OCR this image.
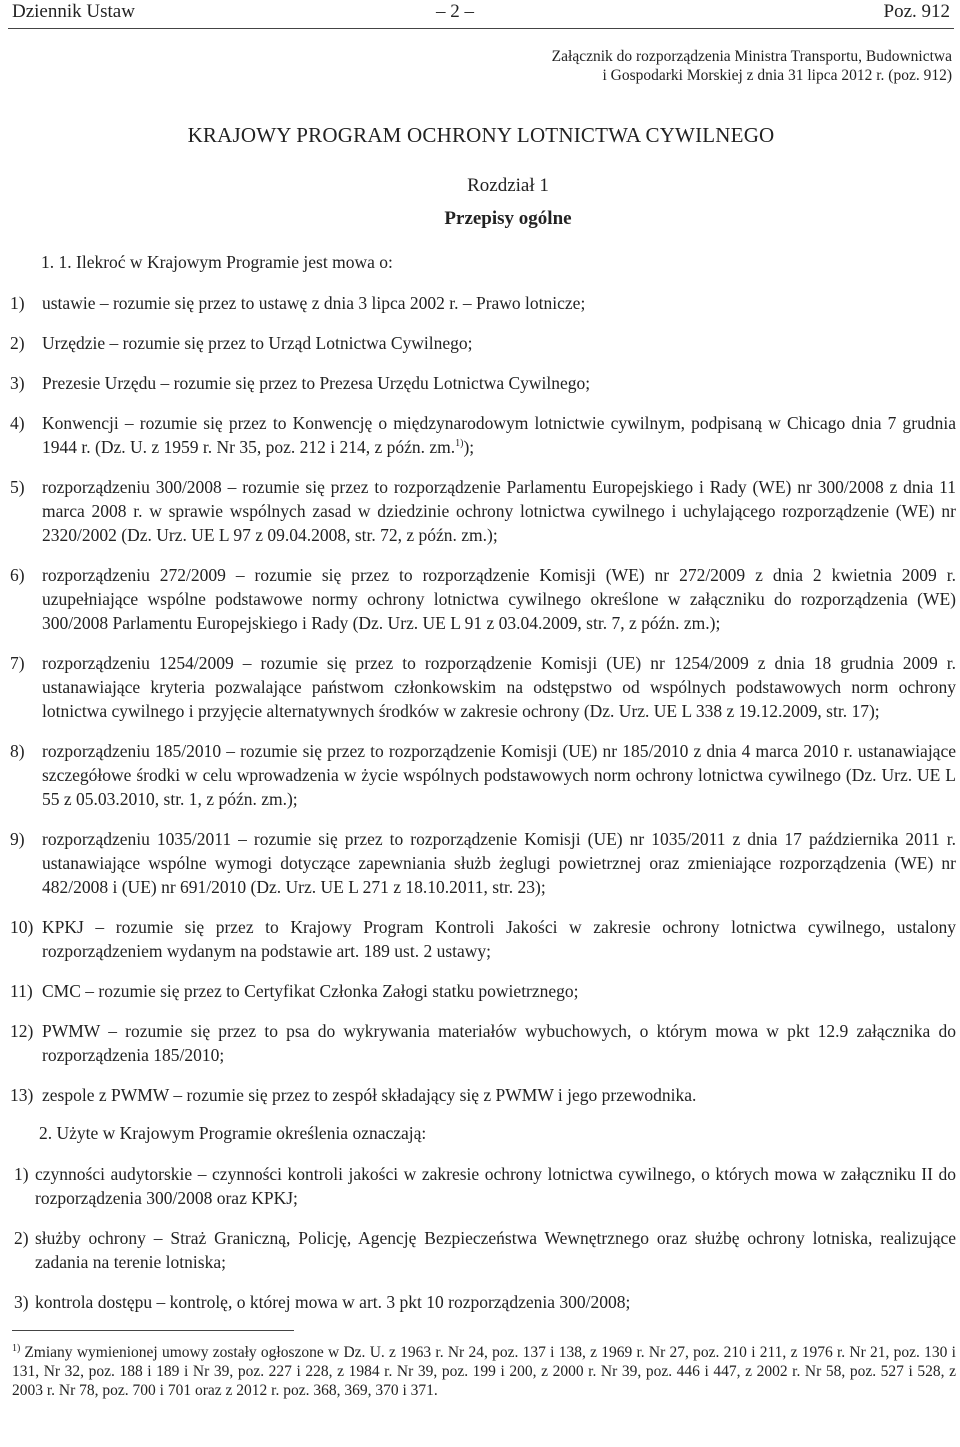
Dziennik Ustaw	– 2 –	Poz. 912
Załącznik do rozporządzenia Ministra Transportu, Budownictwa
i Gospodarki Morskiej z dnia 31 lipca 2012 r. (poz. 912)
KRAJOWY PROGRAM OCHRONY LOTNICTWA CYWILNEGO
Rozdział 1
Przepisy ogólne
1. 1. Ilekroć w Krajowym Programie jest mowa o:
1) ustawie – rozumie się przez to ustawę z dnia 3 lipca 2002 r. – Prawo lotnicze;
2) Urzędzie – rozumie się przez to Urząd Lotnictwa Cywilnego;
3) Prezesie Urzędu – rozumie się przez to Prezesa Urzędu Lotnictwa Cywilnego;
4) Konwencji – rozumie się przez to Konwencję o międzynarodowym lotnictwie cywilnym, podpisaną w Chicago dnia 7 grudnia 1944 r. (Dz. U. z 1959 r. Nr 35, poz. 212 i 214, z późn. zm.$^{1)}$);
5) rozporządzeniu 300/2008 – rozumie się przez to rozporządzenie Parlamentu Europejskiego i Rady (WE) nr 300/2008 z dnia 11 marca 2008 r. w sprawie wspólnych zasad w dziedzinie ochrony lotnictwa cywilnego i uchylającego rozporządzenie (WE) nr 2320/2002 (Dz. Urz. UE L 97 z 09.04.2008, str. 72, z późn. zm.);
6) rozporządzeniu 272/2009 – rozumie się przez to rozporządzenie Komisji (WE) nr 272/2009 z dnia 2 kwietnia 2009 r. uzupełniające wspólne podstawowe normy ochrony lotnictwa cywilnego określone w załączniku do rozporządzenia (WE) 300/2008 Parlamentu Europejskiego i Rady (Dz. Urz. UE L 91 z 03.04.2009, str. 7, z późn. zm.);
7) rozporządzeniu 1254/2009 – rozumie się przez to rozporządzenie Komisji (UE) nr 1254/2009 z dnia 18 grudnia 2009 r. ustanawiające kryteria pozwalające państwom członkowskim na odstępstwo od wspólnych podstawowych norm ochrony lotnictwa cywilnego i przyjęcie alternatywnych środków w zakresie ochrony (Dz. Urz. UE L 338 z 19.12.2009, str. 17);
8) rozporządzeniu 185/2010 – rozumie się przez to rozporządzenie Komisji (UE) nr 185/2010 z dnia 4 marca 2010 r. ustanawiające szczegółowe środki w celu wprowadzenia w życie wspólnych podstawowych norm ochrony lotnictwa cywilnego (Dz. Urz. UE L 55 z 05.03.2010, str. 1, z późn. zm.);
9) rozporządzeniu 1035/2011 – rozumie się przez to rozporządzenie Komisji (UE) nr 1035/2011 z dnia 17 października 2011 r. ustanawiające wspólne wymogi dotyczące zapewniania służb żeglugi powietrznej oraz zmieniające rozporządzenia (WE) nr 482/2008 i (UE) nr 691/2010 (Dz. Urz. UE L 271 z 18.10.2011, str. 23);
10) KPKJ – rozumie się przez to Krajowy Program Kontroli Jakości w zakresie ochrony lotnictwa cywilnego, ustalony rozporządzeniem wydanym na podstawie art. 189 ust. 2 ustawy;
11) CMC – rozumie się przez to Certyfikat Członka Załogi statku powietrznego;
12) PWMW – rozumie się przez to psa do wykrywania materiałów wybuchowych, o którym mowa w pkt 12.9 załącznika do rozporządzenia 185/2010;
13) zespole z PWMW – rozumie się przez to zespół składający się z PWMW i jego przewodnika.
2. Użyte w Krajowym Programie określenia oznaczają:
1) czynności audytorskie – czynności kontroli jakości w zakresie ochrony lotnictwa cywilnego, o których mowa w załączniku II do rozporządzenia 300/2008 oraz KPKJ;
2) służby ochrony – Straż Graniczną, Policję, Agencję Bezpieczeństwa Wewnętrznego oraz służbę ochrony lotniska, realizujące zadania na terenie lotniska;
3) kontrola dostępu – kontrolę, o której mowa w art. 3 pkt 10 rozporządzenia 300/2008;
$^{1)}$ Zmiany wymienionej umowy zostały ogłoszone w Dz. U. z 1963 r. Nr 24, poz. 137 i 138, z 1969 r. Nr 27, poz. 210 i 211, z 1976 r. Nr 21, poz. 130 i 131, Nr 32, poz. 188 i 189 i Nr 39, poz. 227 i 228, z 1984 r. Nr 39, poz. 199 i 200, z 2000 r. Nr 39, poz. 446 i 447, z 2002 r. Nr 58, poz. 527 i 528, z 2003 r. Nr 78, poz. 700 i 701 oraz z 2012 r. poz. 368, 369, 370 i 371.
